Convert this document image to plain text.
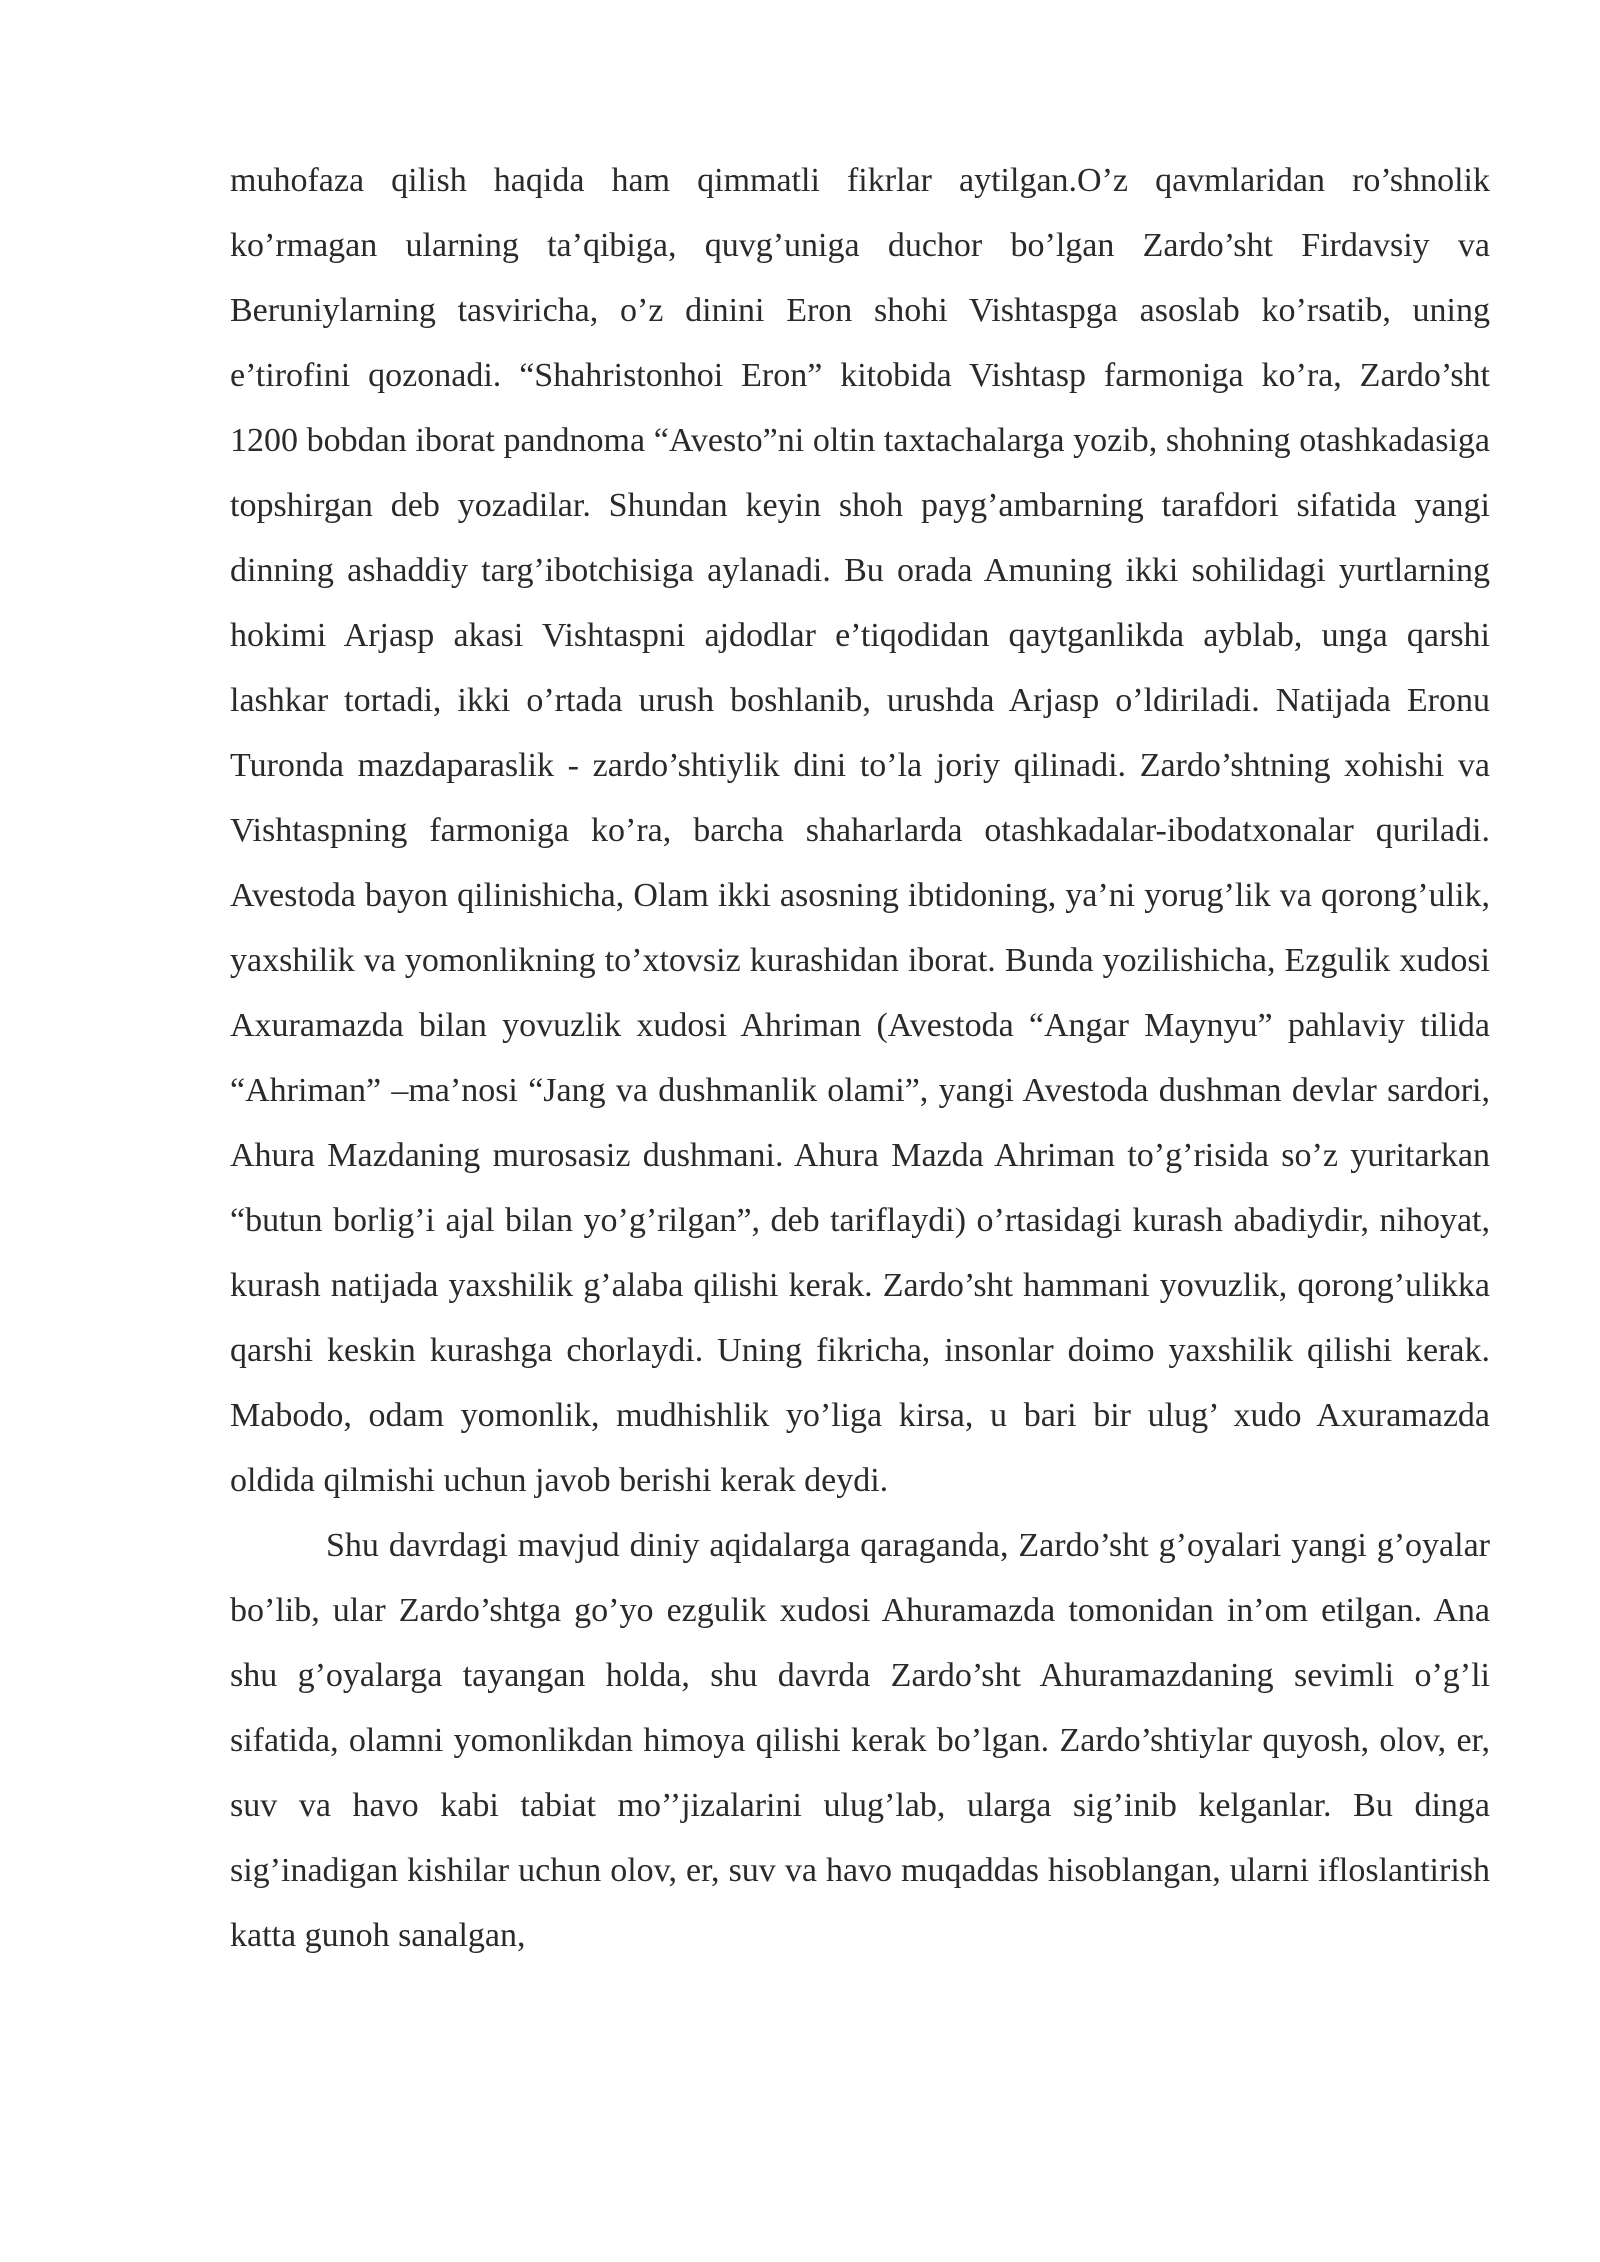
muhofaza qilish haqida ham qimmatli fikrlar aytilgan.O’z qavmlaridan ro’shnolik ko’rmagan ularning ta’qibiga, quvg’uniga duchor bo’lgan Zardo’sht Firdavsiy va Beruniylarning tasviricha, o’z dinini Eron shohi Vishtaspga asoslab ko’rsatib, uning e’tirofini qozonadi. “Shahristonhoi Eron” kitobida Vishtasp farmoniga ko’ra, Zardo’sht 1200 bobdan iborat pandnoma “Avesto”ni oltin taxtachalarga yozib, shohning otashkadasiga topshirgan deb yozadilar. Shundan keyin shoh payg’ambarning tarafdori sifatida yangi dinning ashaddiy targ’ibotchisiga aylanadi. Bu orada Amuning ikki sohilidagi yurtlarning hokimi Arjasp akasi Vishtaspni ajdodlar e’tiqodidan qaytganlikda ayblab, unga qarshi lashkar tortadi, ikki o’rtada urush boshlanib, urushda Arjasp o’ldiriladi. Natijada Eronu Turonda mazdaparaslik - zardo’shtiylik dini to’la joriy qilinadi. Zardo’shtning xohishi va Vishtaspning farmoniga ko’ra, barcha shaharlarda otashkadalar-ibodatxonalar quriladi. Avestoda bayon qilinishicha, Olam ikki asosning ibtidoning, ya’ni yorug’lik va qorong’ulik, yaxshilik va yomonlikning to’xtovsiz kurashidan iborat. Bunda yozilishicha, Ezgulik xudosi Axuramazda bilan yovuzlik xudosi Ahriman (Avestoda “Angar Maynyu” pahlaviy tilida “Ahriman” –ma’nosi “Jang va dushmanlik olami”, yangi Avestoda dushman devlar sardori, Ahura Mazdaning murosasiz dushmani. Ahura Mazda Ahriman to’g’risida so’z yuritarkan “butun borlig’i ajal bilan yo’g’rilgan”, deb tariflaydi) o’rtasidagi kurash abadiydir, nihoyat, kurash natijada yaxshilik g’alaba qilishi kerak. Zardo’sht hammani yovuzlik, qorong’ulikka qarshi keskin kurashga chorlaydi. Uning fikricha, insonlar doimo yaxshilik qilishi kerak. Mabodo, odam yomonlik, mudhishlik yo’liga kirsa, u bari bir ulug’ xudo Axuramazda oldida qilmishi uchun javob berishi kerak deydi.

Shu davrdagi mavjud diniy aqidalarga qaraganda, Zardo’sht g’oyalari yangi g’oyalar bo’lib, ular Zardo’shtga go’yo ezgulik xudosi Ahuramazda tomonidan in’om etilgan. Ana shu g’oyalarga tayangan holda, shu davrda Zardo’sht Ahuramazdaning sevimli o’g’li sifatida, olamni yomonlikdan himoya qilishi kerak bo’lgan. Zardo’shtiylar quyosh, olov, er, suv va havo kabi tabiat mo’’jizalarini ulug’lab, ularga sig’inib kelganlar. Bu dinga sig’inadigan kishilar uchun olov, er, suv va havo muqaddas hisoblangan, ularni ifloslantirish katta gunoh sanalgan,
